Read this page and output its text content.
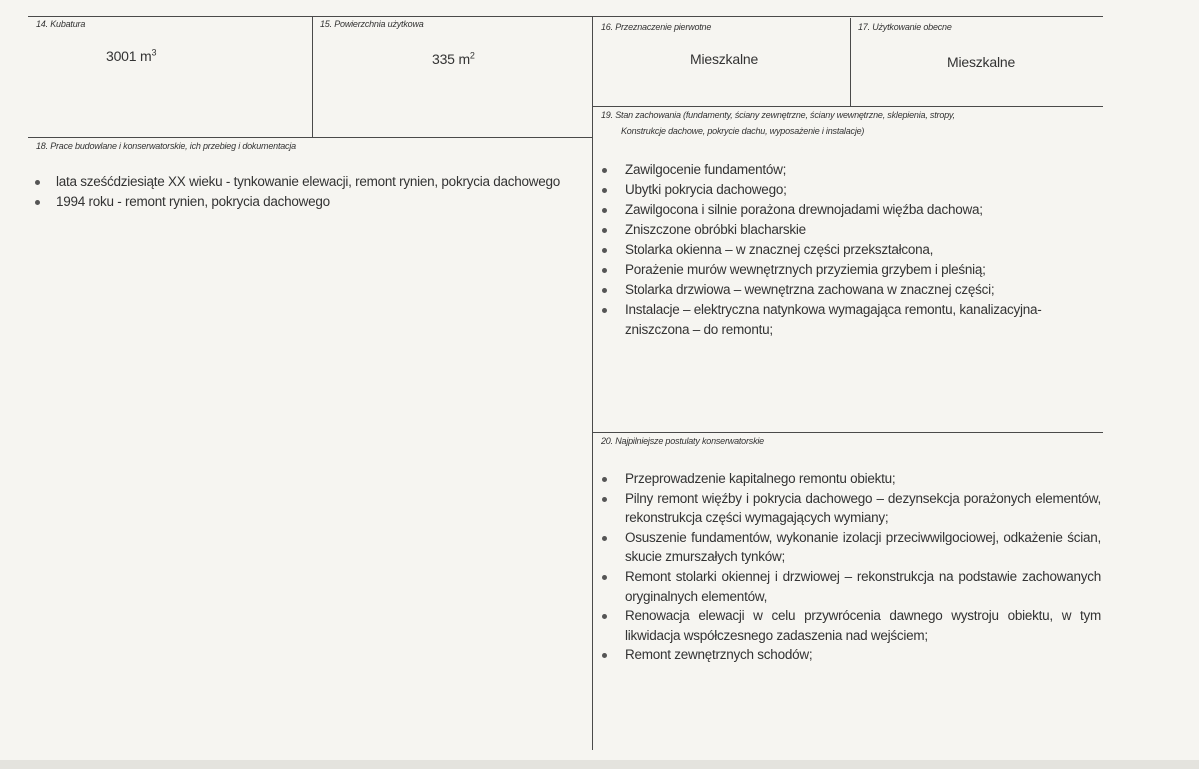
14. Kubatura
3001 $m^3$
15. Powierzchnia użytkowa
335 $m^2$
16. Przeznaczenie pierwotne
Mieszkalne
17. Użytkowanie obecne
Mieszkalne
18. Prace budowlane i konserwatorskie, ich przebieg i dokumentacja
lata sześćdziesiąte XX wieku - tynkowanie elewacji, remont rynien, pokrycia dachowego
1994 roku - remont rynien, pokrycia dachowego
19. Stan zachowania (fundamenty, ściany zewnętrzne, ściany wewnętrzne, sklepienia, stropy,
Konstrukcje dachowe, pokrycie dachu, wyposażenie i instalacje)
Zawilgocenie fundamentów;
Ubytki pokrycia dachowego;
Zawilgocona i silnie porażona drewnojadami więźba dachowa;
Zniszczone obróbki blacharskie
Stolarka okienna – w znacznej części przekształcona,
Porażenie murów wewnętrznych przyziemia grzybem i pleśnią;
Stolarka drzwiowa – wewnętrzna zachowana w znacznej części;
Instalacje – elektryczna natynkowa wymagająca remontu, kanalizacyjna-zniszczona – do remontu;
20. Najpilniejsze postulaty konserwatorskie
Przeprowadzenie kapitalnego remontu obiektu;
Pilny remont więźby i pokrycia dachowego – dezynsekcja porażonych elementów, rekonstrukcja części wymagających wymiany;
Osuszenie fundamentów, wykonanie izolacji przeciwwilgociowej, odkażenie ścian, skucie zmurszałych tynków;
Remont stolarki okiennej i drzwiowej – rekonstrukcja na podstawie zachowanych oryginalnych elementów,
Renowacja elewacji w celu przywrócenia dawnego wystroju obiektu, w tym likwidacja współczesnego zadaszenia nad wejściem;
Remont zewnętrznych schodów;
